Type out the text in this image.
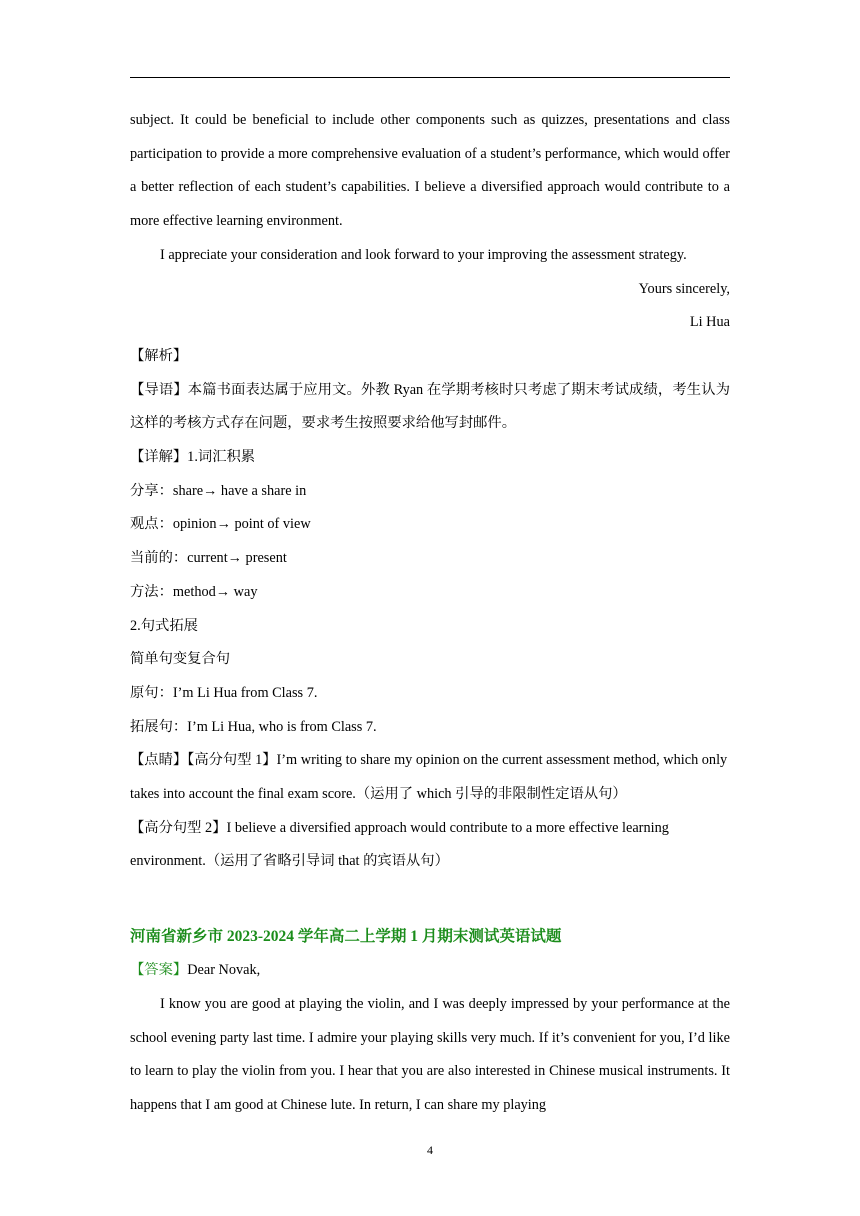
subject. It could be beneficial to include other components such as quizzes, presentations and class participation to provide a more comprehensive evaluation of a student’s performance, which would offer a better reflection of each student’s capabilities. I believe a diversified approach would contribute to a more effective learning environment.

I appreciate your consideration and look forward to your improving the assessment strategy.

Yours sincerely,

Li Hua

【解析】

【导语】本篇书面表达属于应用文。外教 Ryan 在学期考核时只考虑了期末考试成绩，考生认为这样的考核方式存在问题，要求考生按照要求给他写封邮件。

【详解】1.词汇积累

分享：share→ have a share in

观点：opinion→ point of view

当前的：current→ present

方法：method→ way

2.句式拓展

简单句变复合句

原句：I’m Li Hua from Class 7.

拓展句：I’m Li Hua, who is from Class 7.

【点睛】【高分句型 1】I’m writing to share my opinion on the current assessment method, which only takes into account the final exam score.（运用了 which 引导的非限制性定语从句）

【高分句型 2】I believe a diversified approach would contribute to a more effective learning environment.（运用了省略引导词 that 的宾语从句）

河南省新乡市 2023-2024 学年高二上学期 1 月期末测试英语试题

【答案】Dear Novak,

I know you are good at playing the violin, and I was deeply impressed by your performance at the school evening party last time. I admire your playing skills very much. If it’s convenient for you, I’d like to learn to play the violin from you. I hear that you are also interested in Chinese musical instruments. It happens that I am good at Chinese lute. In return, I can share my playing

4
